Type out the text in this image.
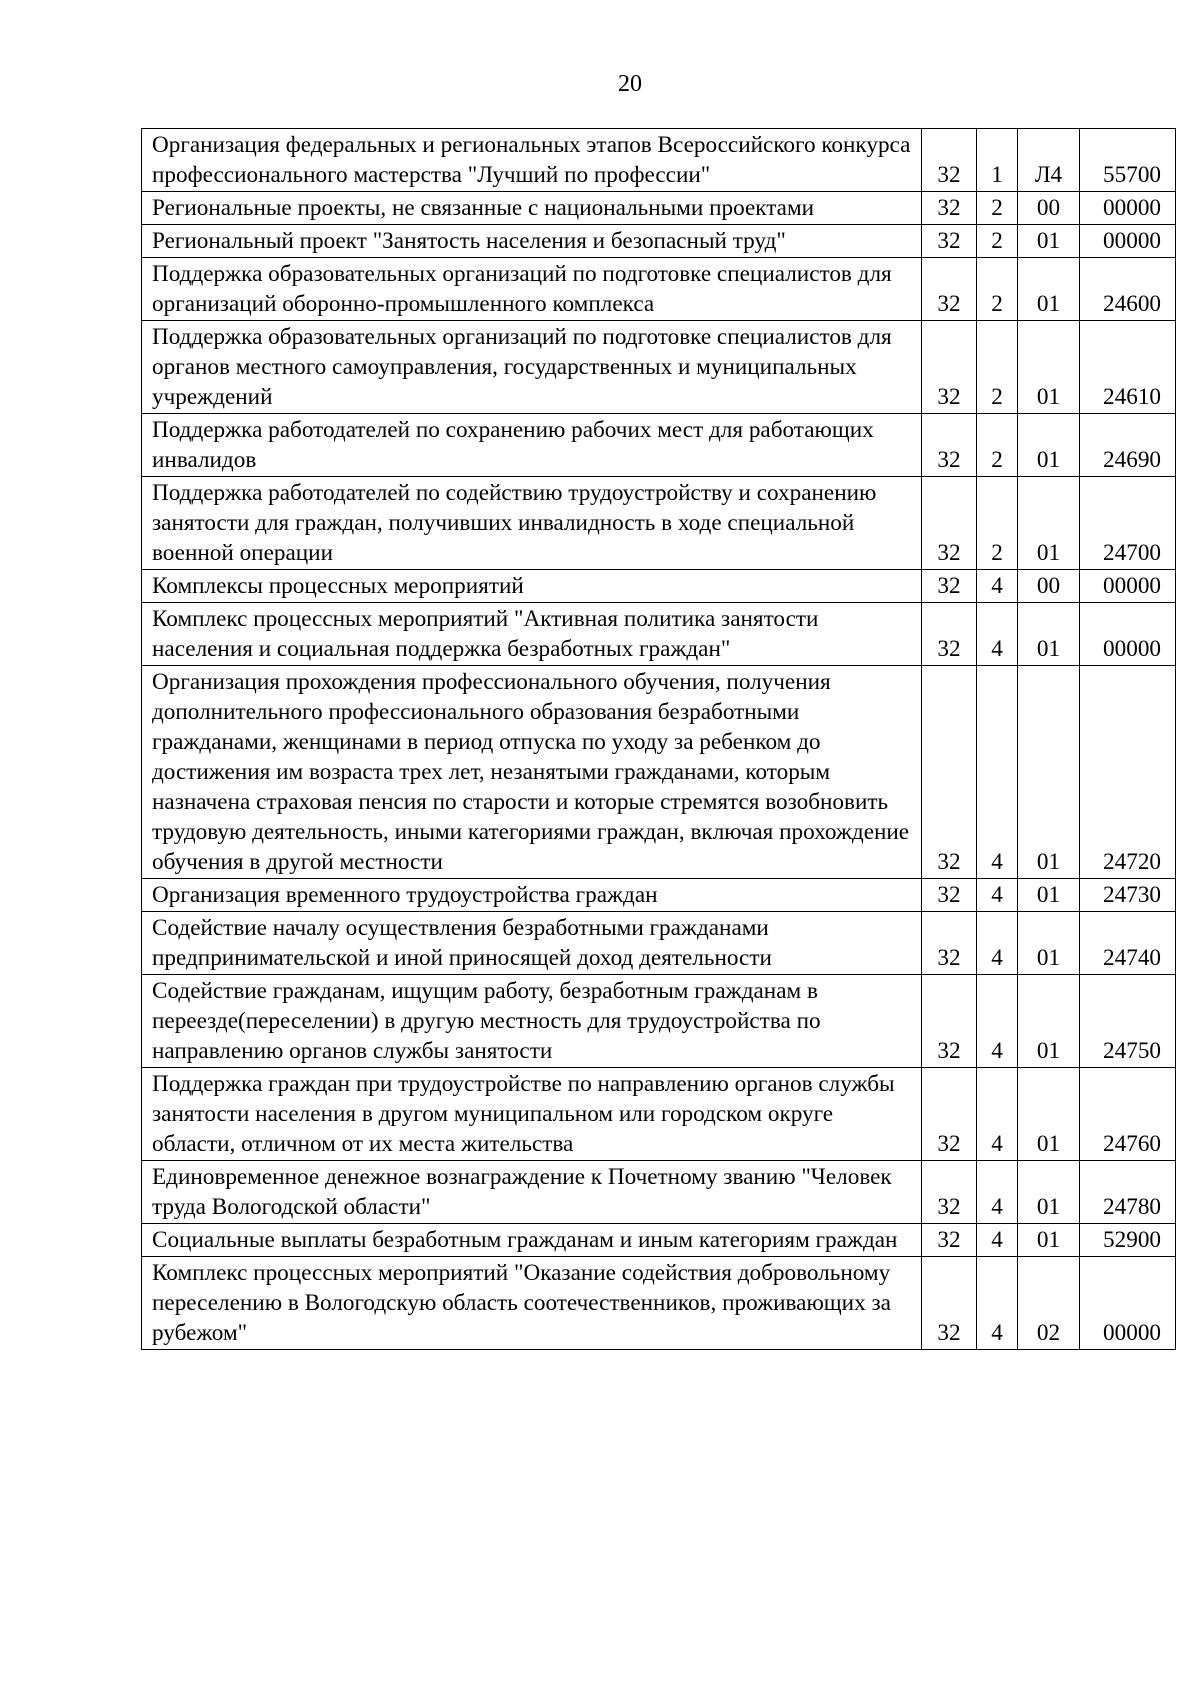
20
Организация федеральных и региональных этапов Всероссийского конкурса профессионального мастерства "Лучший по профессии"	32	1	Л4	55700
Региональные проекты, не связанные с национальными проектами	32	2	00	00000
Региональный проект "Занятость населения и безопасный труд"	32	2	01	00000
Поддержка образовательных организаций по подготовке специалистов для организаций оборонно-промышленного комплекса	32	2	01	24600
Поддержка образовательных организаций по подготовке специалистов для органов местного самоуправления, государственных и муниципальных учреждений	32	2	01	24610
Поддержка работодателей по сохранению рабочих мест для работающих инвалидов	32	2	01	24690
Поддержка работодателей по содействию трудоустройству и сохранению занятости для граждан, получивших инвалидность в ходе специальной военной операции	32	2	01	24700
Комплексы процессных мероприятий	32	4	00	00000
Комплекс процессных мероприятий "Активная политика занятости населения и социальная поддержка безработных граждан"	32	4	01	00000
Организация прохождения профессионального обучения, получения дополнительного профессионального образования безработными гражданами, женщинами в период отпуска по уходу за ребенком до достижения им возраста трех лет, незанятыми гражданами, которым назначена страховая пенсия по старости и которые стремятся возобновить трудовую деятельность, иными категориями граждан, включая прохождение обучения в другой местности	32	4	01	24720
Организация временного трудоустройства граждан	32	4	01	24730
Содействие началу осуществления безработными гражданами предпринимательской и иной приносящей доход деятельности	32	4	01	24740
Содействие гражданам, ищущим работу, безработным гражданам в переезде(переселении) в другую местность для трудоустройства по направлению органов службы занятости	32	4	01	24750
Поддержка граждан при трудоустройстве по направлению органов службы занятости населения в другом муниципальном или городском округе области, отличном от их места жительства	32	4	01	24760
Единовременное денежное вознаграждение к Почетному званию "Человек труда Вологодской области"	32	4	01	24780
Социальные выплаты безработным гражданам и иным категориям граждан	32	4	01	52900
Комплекс процессных мероприятий "Оказание содействия добровольному переселению в Вологодскую область соотечественников, проживающих за рубежом"	32	4	02	00000
